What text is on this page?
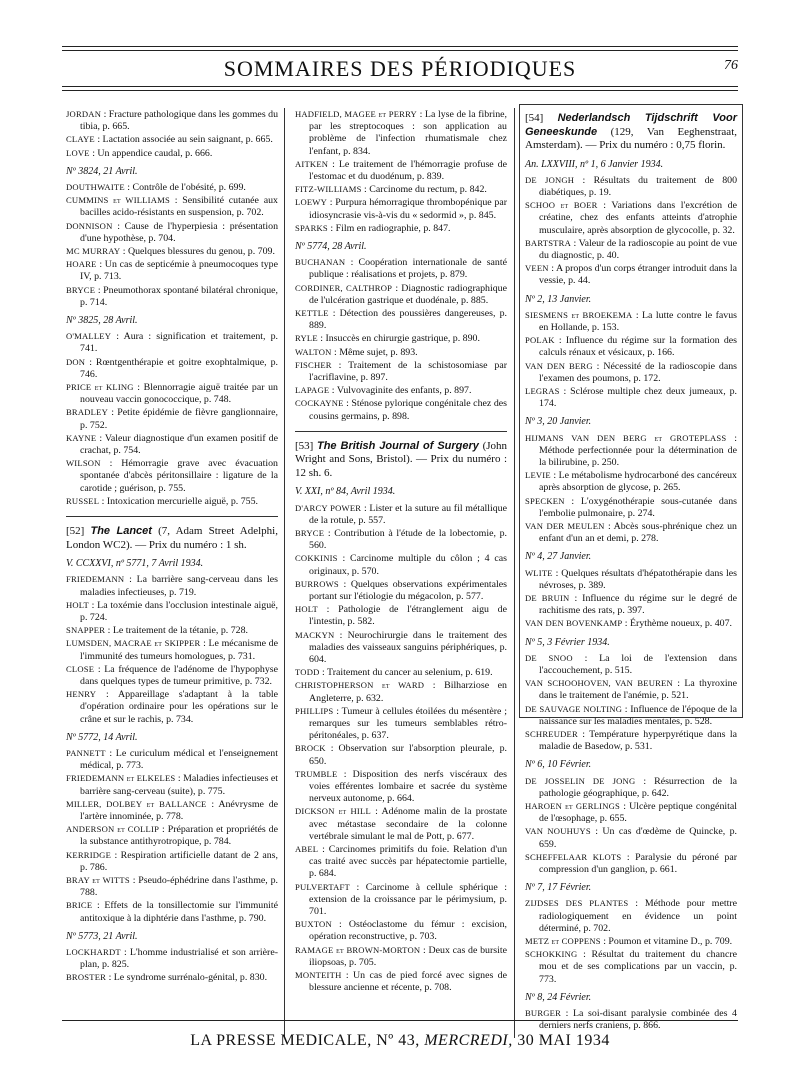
SOMMAIRES DES PÉRIODIQUES	76
JORDAN : Fracture pathologique dans les gommes du tibia, p. 665.
CLAYE : Lactation associée au sein saignant, p. 665.
LOVE : Un appendice caudal, p. 666.
Nº 3824, 21 Avril.
DOUTHWAITE : Contrôle de l'obésité, p. 699.
CUMMINS et WILLIAMS : Sensibilité cutanée aux bacilles acido-résistants en suspension, p. 702.
DONNISON : Cause de l'hyperpiesia : présentation d'une hypothèse, p. 704.
MC MURRAY : Quelques blessures du genou, p. 709.
HOARE : Un cas de septicémie à pneumocoques type IV, p. 713.
BRYCE : Pneumothorax spontané bilatéral chronique, p. 714.
Nº 3825, 28 Avril.
O'MALLEY : Aura : signification et traitement, p. 741.
DON : Rœntgenthérapie et goitre exophtalmique, p. 746.
PRICE et KLING : Blennorragie aiguë traitée par un nouveau vaccin gonococcique, p. 748.
BRADLEY : Petite épidémie de fièvre ganglionnaire, p. 752.
KAYNE : Valeur diagnostique d'un examen positif de crachat, p. 754.
WILSON : Hémorragie grave avec évacuation spontanée d'abcès péritonsillaire : ligature de la carotide ; guérison, p. 755.
RUSSEL : Intoxication mercurielle aiguë, p. 755.
[52] The Lancet (7, Adam Street Adelphi, London WC2). — Prix du numéro : 1 sh.
V. CCXXVI, nº 5771, 7 Avril 1934.
FRIEDEMANN : La barrière sang-cerveau dans les maladies infectieuses, p. 719.
HOLT : La toxémie dans l'occlusion intestinale aiguë, p. 724.
SNAPPER : Le traitement de la tétanie, p. 728.
LUMSDEN, MACRAE et SKIPPER : Le mécanisme de l'immunité des tumeurs homologues, p. 731.
CLOSE : La fréquence de l'adénome de l'hypophyse dans quelques types de tumeur primitive, p. 732.
HENRY : Appareillage s'adaptant à la table d'opération ordinaire pour les opérations sur le crâne et sur le rachis, p. 734.
Nº 5772, 14 Avril.
PANNETT : Le curiculum médical et l'enseignement médical, p. 773.
FRIEDEMANN et ELKELES : Maladies infectieuses et barrière sang-cerveau (suite), p. 775.
MILLER, DOLBEY et BALLANCE : Anévrysme de l'artère innominée, p. 778.
ANDERSON et COLLIP : Préparation et propriétés de la substance antithyrotropique, p. 784.
KERRIDGE : Respiration artificielle datant de 2 ans, p. 786.
BRAY et WITTS : Pseudo-éphédrine dans l'asthme, p. 788.
BRICE : Effets de la tonsillectomie sur l'immunité antitoxique à la diphtérie dans l'asthme, p. 790.
Nº 5773, 21 Avril.
LOCKHARDT : L'homme industrialisé et son arrière-plan, p. 825.
BROSTER : Le syndrome surrénalo-génital, p. 830.
HADFIELD, MAGEE et PERRY : La lyse de la fibrine, par les streptocoques : son application au problème de l'infection rhumatismale chez l'enfant, p. 834.
AITKEN : Le traitement de l'hémorragie profuse de l'estomac et du duodénum, p. 839.
FITZ-WILLIAMS : Carcinome du rectum, p. 842.
LOEWY : Purpura hémorragique thrombopénique par idiosyncrasie vis-à-vis du « sedormid », p. 845.
SPARKS : Film en radiographie, p. 847.
Nº 5774, 28 Avril.
BUCHANAN : Coopération internationale de santé publique : réalisations et projets, p. 879.
CORDINER, CALTHROP : Diagnostic radiographique de l'ulcération gastrique et duodénale, p. 885.
KETTLE : Détection des poussières dangereuses, p. 889.
RYLE : Insuccès en chirurgie gastrique, p. 890.
WALTON : Même sujet, p. 893.
FISCHER : Traitement de la schistosomiase par l'acriflavine, p. 897.
LAPAGE : Vulvovaginite des enfants, p. 897.
COCKAYNE : Sténose pylorique congénitale chez des cousins germains, p. 898.
[53] The British Journal of Surgery (John Wright and Sons, Bristol). — Prix du numéro : 12 sh. 6.
V. XXI, nº 84, Avril 1934.
D'ARCY POWER : Lister et la suture au fil métallique de la rotule, p. 557.
BRYCE : Contribution à l'étude de la lobectomie, p. 560.
COKKINIS : Carcinome multiple du côlon ; 4 cas originaux, p. 570.
BURROWS : Quelques observations expérimentales portant sur l'étiologie du mégacolon, p. 577.
HOLT : Pathologie de l'étranglement aigu de l'intestin, p. 582.
MACKYN : Neurochirurgie dans le traitement des maladies des vaisseaux sanguins périphériques, p. 604.
TODD : Traitement du cancer au selenium, p. 619.
CHRISTOPHERSON et WARD : Bilharziose en Angleterre, p. 632.
PHILLIPS : Tumeur à cellules étoilées du mésentère ; remarques sur les tumeurs semblables rétro-péritonéales, p. 637.
BROCK : Observation sur l'absorption pleurale, p. 650.
TRUMBLE : Disposition des nerfs viscéraux des voies efférentes lombaire et sacrée du système nerveux autonome, p. 664.
DICKSON et HILL : Adénome malin de la prostate avec métastase secondaire de la colonne vertébrale simulant le mal de Pott, p. 677.
ABEL : Carcinomes primitifs du foie. Relation d'un cas traité avec succès par hépatectomie partielle, p. 684.
PULVERTAFT : Carcinome à cellule sphérique : extension de la croissance par le périmysium, p. 701.
BUXTON : Ostéoclastome du fémur : excision, opération reconstructive, p. 703.
RAMAGE et BROWN-MORTON : Deux cas de bursite iliopsoas, p. 705.
MONTEITH : Un cas de pied forcé avec signes de blessure ancienne et récente, p. 708.
[54] Nederlandsch Tijdschrift Voor Geneeskunde (129, Van Eeghenstraat, Amsterdam). — Prix du numéro : 0,75 florin.
An. LXXVIII, nº 1, 6 Janvier 1934.
DE JONGH : Résultats du traitement de 800 diabétiques, p. 19.
SCHOO et BOER : Variations dans l'excrétion de créatine, chez des enfants atteints d'atrophie musculaire, après absorption de glycocolle, p. 32.
BARTSTRA : Valeur de la radioscopie au point de vue du diagnostic, p. 40.
VEEN : A propos d'un corps étranger introduit dans la vessie, p. 44.
Nº 2, 13 Janvier.
SIESMENS et BROEKEMA : La lutte contre le favus en Hollande, p. 153.
POLAK : Influence du régime sur la formation des calculs rénaux et vésicaux, p. 166.
VAN DEN BERG : Nécessité de la radioscopie dans l'examen des poumons, p. 172.
LEGRAS : Sclérose multiple chez deux jumeaux, p. 174.
Nº 3, 20 Janvier.
HIJMANS VAN DEN BERG et GROTEPLASS : Méthode perfectionnée pour la détermination de la bilirubine, p. 250.
LEVIE : Le métabolisme hydrocarboné des cancéreux après absorption de glycose, p. 265.
SPECKEN : L'oxygénothérapie sous-cutanée dans l'embolie pulmonaire, p. 274.
VAN DER MEULEN : Abcès sous-phrénique chez un enfant d'un an et demi, p. 278.
Nº 4, 27 Janvier.
WLITE : Quelques résultats d'hépatothérapie dans les névroses, p. 389.
DE BRUIN : Influence du régime sur le degré de rachitisme des rats, p. 397.
VAN DEN BOVENKAMP : Érythème noueux, p. 407.
Nº 5, 3 Février 1934.
DE SNOO : La loi de l'extension dans l'accouchement, p. 515.
VAN SCHOOHOVEN, VAN BEUREN : La thyroxine dans le traitement de l'anémie, p. 521.
DE SAUVAGE NOLTING : Influence de l'époque de la naissance sur les maladies mentales, p. 528.
SCHREUDER : Température hyperpyrétique dans la maladie de Basedow, p. 531.
Nº 6, 10 Février.
DE JOSSELIN DE JONG : Résurrection de la pathologie géographique, p. 642.
HAROEN et GERLINGS : Ulcère peptique congénital de l'œsophage, p. 655.
VAN NOUHUYS : Un cas d'œdème de Quincke, p. 659.
SCHEFFELAAR KLOTS : Paralysie du péroné par compression d'un ganglion, p. 661.
Nº 7, 17 Février.
ZIJDSES DES PLANTES : Méthode pour mettre radiologiquement en évidence un point déterminé, p. 702.
METZ et COPPENS : Poumon et vitamine D., p. 709.
SCHOKKING : Résultat du traitement du chancre mou et de ses complications par un vaccin, p. 773.
Nº 8, 24 Février.
BURGER : La soi-disant paralysie combinée des 4 derniers nerfs craniens, p. 866.
LA PRESSE MEDICALE, Nº 43, MERCREDI, 30 MAI 1934
